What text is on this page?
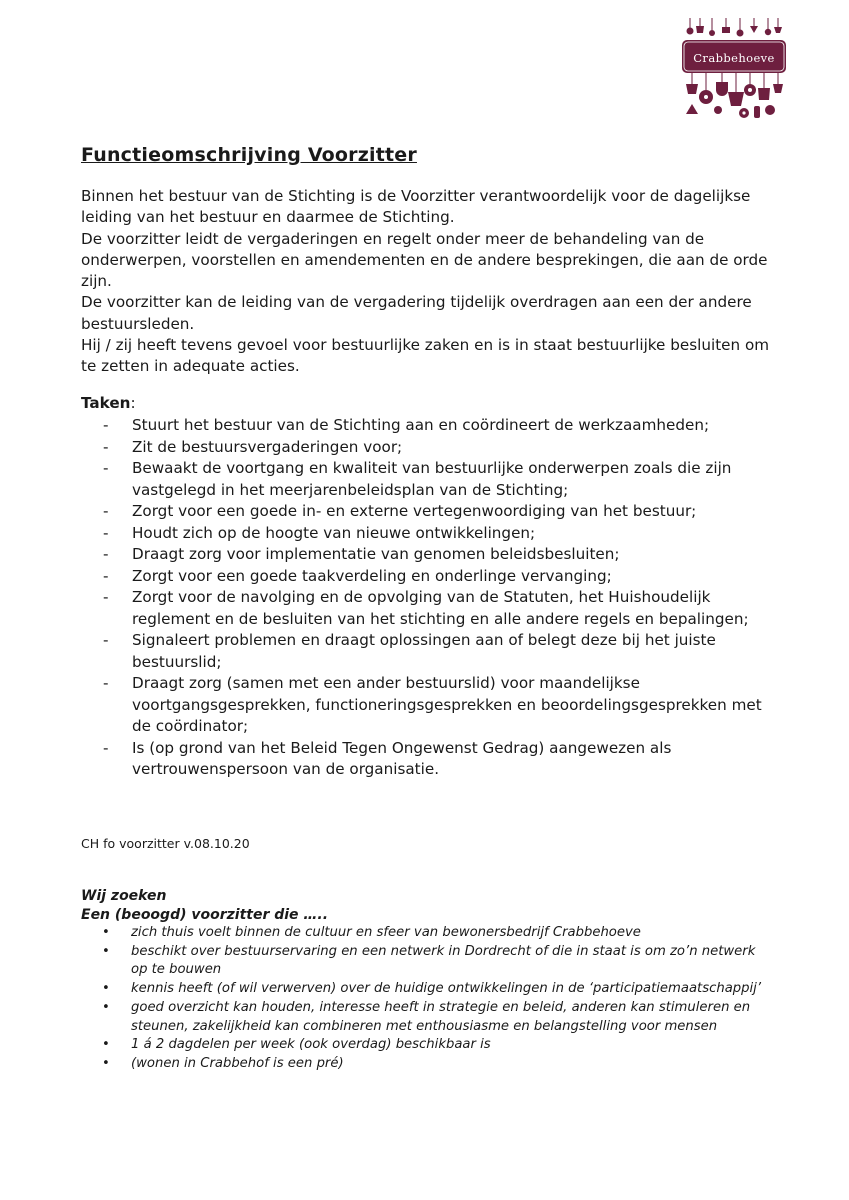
Crabbehoeve
Functieomschrijving Voorzitter

Binnen het bestuur van de Stichting is de Voorzitter verantwoordelijk voor de dagelijkse leiding van het bestuur en daarmee de Stichting.

De voorzitter leidt de vergaderingen en regelt onder meer de behandeling van de onderwerpen, voorstellen en amendementen en de andere besprekingen, die aan de orde zijn.

De voorzitter kan de leiding van de vergadering tijdelijk overdragen aan een der andere bestuursleden.

Hij / zij heeft tevens gevoel voor bestuurlijke zaken en is in staat bestuurlijke besluiten om te zetten in adequate acties.

Taken:
- Stuurt het bestuur van de Stichting aan en coördineert de werkzaamheden;
- Zit de bestuursvergaderingen voor;
- Bewaakt de voortgang en kwaliteit van bestuurlijke onderwerpen zoals die zijn vastgelegd in het meerjarenbeleidsplan van de Stichting;
- Zorgt voor een goede in- en externe vertegenwoordiging van het bestuur;
- Houdt zich op de hoogte van nieuwe ontwikkelingen;
- Draagt zorg voor implementatie van genomen beleidsbesluiten;
- Zorgt voor een goede taakverdeling en onderlinge vervanging;
- Zorgt voor de navolging en de opvolging van de Statuten, het Huishoudelijk reglement en de besluiten van het stichting en alle andere regels en bepalingen;
- Signaleert problemen en draagt oplossingen aan of belegt deze bij het juiste bestuurslid;
- Draagt zorg (samen met een ander bestuurslid) voor maandelijkse voortgangsgesprekken, functioneringsgesprekken en beoordelingsgesprekken met de coördinator;
- Is (op grond van het Beleid Tegen Ongewenst Gedrag) aangewezen als vertrouwenspersoon van de organisatie.
CH fo voorzitter v.08.10.20
Wij zoeken
Een (beoogd) voorzitter die …..
• zich thuis voelt binnen de cultuur en sfeer van bewonersbedrijf Crabbehoeve
• beschikt over bestuurservaring en een netwerk in Dordrecht of die in staat is om zo’n netwerk op te bouwen
• kennis heeft (of wil verwerven) over de huidige ontwikkelingen in de ‘participatiemaatschappij’
• goed overzicht kan houden, interesse heeft in strategie en beleid, anderen kan stimuleren en steunen, zakelijkheid kan combineren met enthousiasme en belangstelling voor mensen
• 1 á 2 dagdelen per week (ook overdag) beschikbaar is
• (wonen in Crabbehof is een pré)
